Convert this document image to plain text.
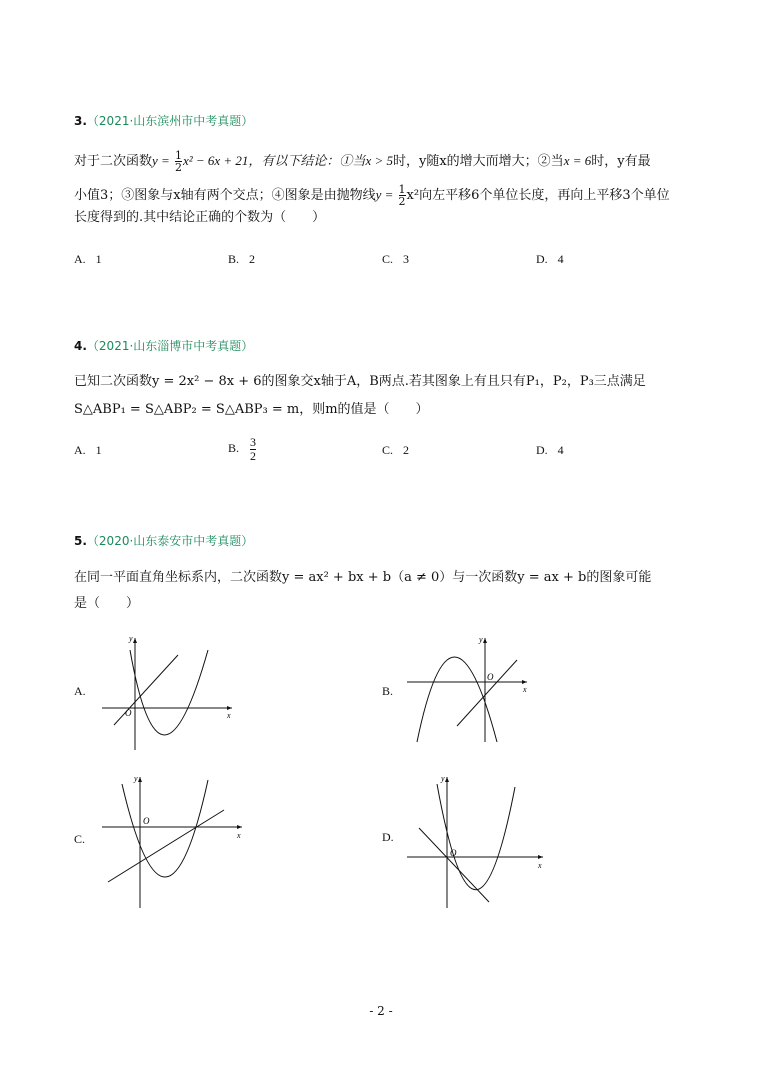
3.（2021·山东滨州市中考真题）
对于二次函数$y = \frac{1}{2} x^2 - 6x + 21$，有以下结论：①当x > 5时，y随x的增大而增大；②当x = 6时，y有最
小值3；③图象与x轴有两个交点；④图象是由抛物线$y = \frac{1}{2} x^2$向左平移6个单位长度，再向上平移3个单位
长度得到的.其中结论正确的个数为（　　）
A. 1	B. 2	C. 3	D. 4
4.（2021·山东淄博市中考真题）
已知二次函数y = 2x² − 8x + 6的图象交x轴于A，B两点.若其图象上有且只有P₁，P₂，P₃三点满足
S△ABP₁ = S△ABP₂ = S△ABP₃ = m，则m的值是（　　）
A. 1	B. $\frac{3}{2}$	C. 2	D. 4
5.（2020·山东泰安市中考真题）
在同一平面直角坐标系内，二次函数y = ax² + bx + b（a ≠ 0）与一次函数y = ax + b的图象可能
是（　　）
A.
O	x
y
B.
O
x
y
C.
O
x
y
D.
O
x
y
- 2 -
